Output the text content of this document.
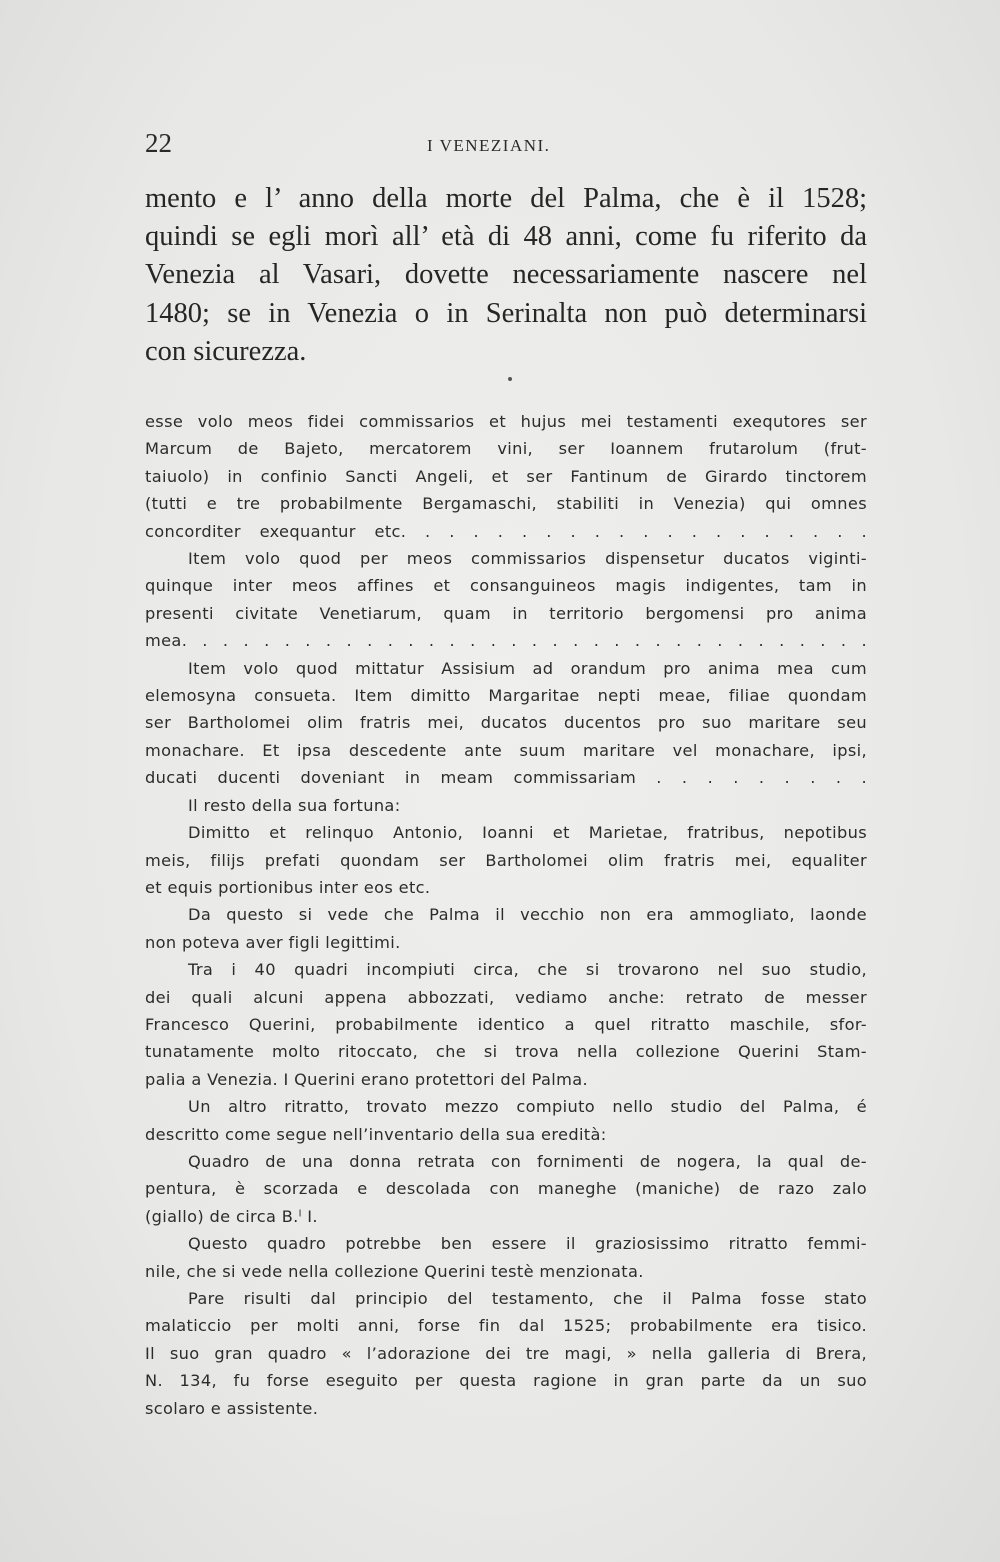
22	I VENEZIANI.
mento e l’ anno della morte del Palma, che è il 1528;
quindi se egli morì all’ età di 48 anni, come fu riferito da
Venezia al Vasari, dovette necessariamente nascere nel
1480; se in Venezia o in Serinalta non può determinarsi
con sicurezza.
esse volo meos fidei commissarios et hujus mei testamenti exequtores ser
Marcum de Bajeto, mercatorem vini, ser Ioannem frutarolum (frut-
taiuolo) in confinio Sancti Angeli, et ser Fantinum de Girardo tinctorem
(tutti e tre probabilmente Bergamaschi, stabiliti in Venezia) qui omnes
concorditer exequantur etc. . . . . . . . . . . . . . . . . . . .
Item volo quod per meos commissarios dispensetur ducatos viginti-
quinque inter meos affines et consanguineos magis indigentes, tam in
presenti civitate Venetiarum, quam in territorio bergomensi pro anima
mea. . . . . . . . . . . . . . . . . . . . . . . . . . . . . . . . . .
Item volo quod mittatur Assisium ad orandum pro anima mea cum
elemosyna consueta. Item dimitto Margaritae nepti meae, filiae quondam
ser Bartholomei olim fratris mei, ducatos ducentos pro suo maritare seu
monachare. Et ipsa descedente ante suum maritare vel monachare, ipsi,
ducati ducenti doveniant in meam commissariam . . . . . . . . .
Il resto della sua fortuna:
Dimitto et relinquo Antonio, Ioanni et Marietae, fratribus, nepotibus
meis, filijs prefati quondam ser Bartholomei olim fratris mei, equaliter
et equis portionibus inter eos etc.
Da questo si vede che Palma il vecchio non era ammogliato, laonde
non poteva aver figli legittimi.
Tra i 40 quadri incompiuti circa, che si trovarono nel suo studio,
dei quali alcuni appena abbozzati, vediamo anche: retrato de messer
Francesco Querini, probabilmente identico a quel ritratto maschile, sfor-
tunatamente molto ritoccato, che si trova nella collezione Querini Stam-
palia a Venezia. I Querini erano protettori del Palma.
Un altro ritratto, trovato mezzo compiuto nello studio del Palma, é
descritto come segue nell’inventario della sua eredità:
Quadro de una donna retrata con fornimenti de nogera, la qual de-
pentura, è scorzada e descolada con maneghe (maniche) de razo zalo
(giallo) de circa B.ˡ I.
Questo quadro potrebbe ben essere il graziosissimo ritratto femmi-
nile, che si vede nella collezione Querini testè menzionata.
Pare risulti dal principio del testamento, che il Palma fosse stato
malaticcio per molti anni, forse fin dal 1525; probabilmente era tisico.
Il suo gran quadro « l’adorazione dei tre magi, » nella galleria di Brera,
N. 134, fu forse eseguito per questa ragione in gran parte da un suo
scolaro e assistente.
